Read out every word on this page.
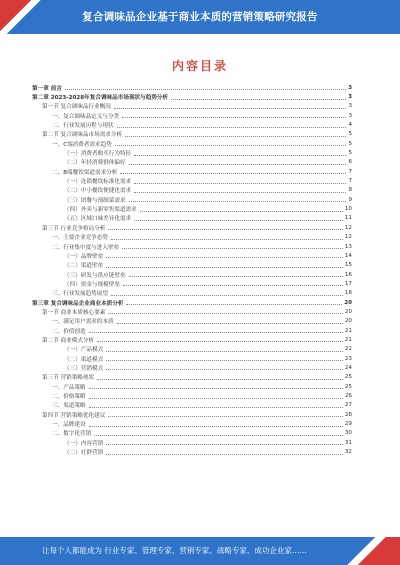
复合调味品企业基于商业本质的营销策略研究报告
内容目录
第一章 前言	3
第二章 2023-2028年复合调味品市场现状与趋势分析	3
第一节 复合调味品行业概况	3
一、复合调味品定义与分类	3
二、行业发展历程与现状	4
第二节 复合调味品市场需求分析	5
一、C端消费者需求趋势	5
（一）消费者购买行为特征	5
（二）年轻消费群体偏好	6
二、B端餐饮渠道需求分析	7
（一）连锁餐饮标准化需求	7
（二）中小餐饮便捷化需求	8
（三）团餐与预制菜需求	9
（四）外卖与新零售渠道需求	10
（五）区域口味差异化需求	11
第三节 行业竞争格局分析	12
一、主要企业竞争态势	12
二、行业集中度与进入壁垒	13
（一）品牌壁垒	14
（二）渠道壁垒	15
（三）研发与供应链壁垒	16
（四）资金与规模壁垒	17
三、行业发展趋势展望	18
第三章 复合调味品企业商业本质分析	20
第一节 商业本质核心要素	20
一、满足用户需求的本质	20
二、价值创造	21
第二节 商业模式分析	21
（一）产品模式	22
（二）渠道模式	23
（三）营销模式	24
第三节 营销策略现状	25
一、产品策略	25
二、价格策略	26
三、渠道策略	27
第四节 营销策略优化建议	28
一、品牌建设	29
二、数字化营销	30
（一）内容营销	31
（二）社群营销	32
让每个人都能成为 行业专家、管理专家、营销专家、战略专家、成功企业家……
